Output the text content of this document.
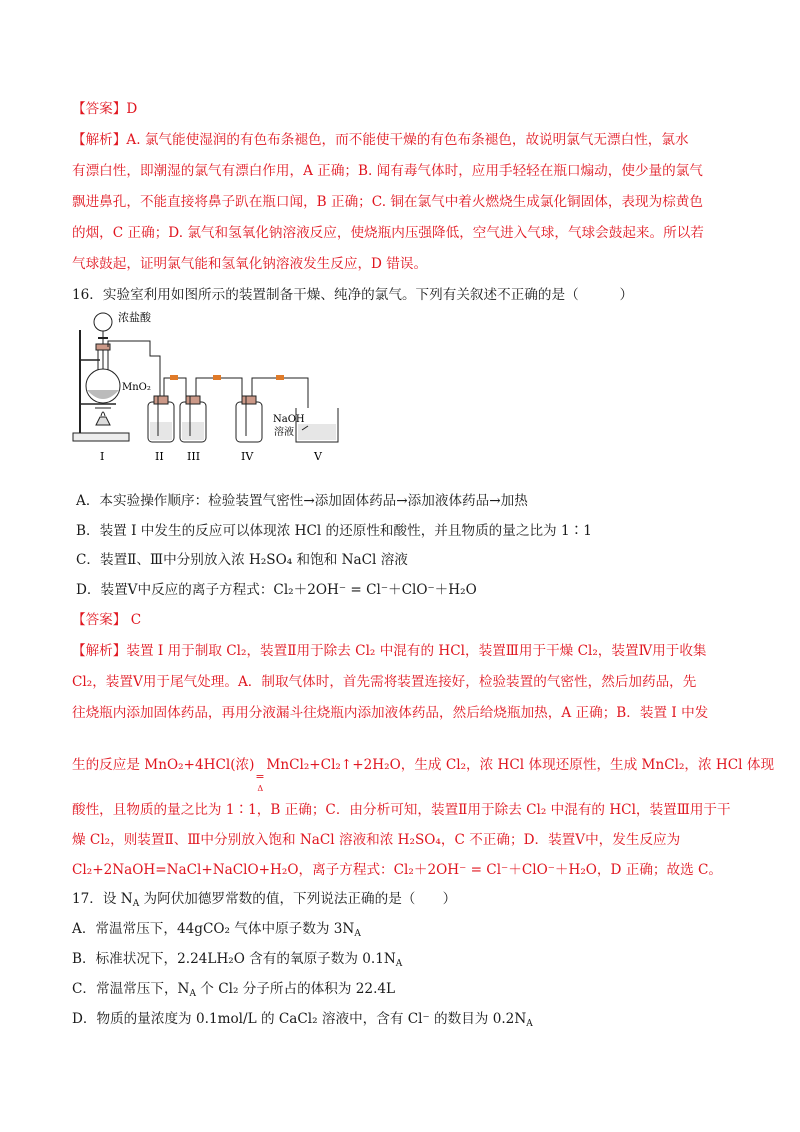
【答案】D
【解析】A. 氯气能使湿润的有色布条褪色，而不能使干燥的有色布条褪色，故说明氯气无漂白性，氯水
有漂白性，即潮湿的氯气有漂白作用，A 正确；B. 闻有毒气体时，应用手轻轻在瓶口煽动，使少量的氯气
飘进鼻孔，不能直接将鼻子趴在瓶口闻，B 正确；C. 铜在氯气中着火燃烧生成氯化铜固体，表现为棕黄色
的烟，C 正确；D. 氯气和氢氧化钠溶液反应，使烧瓶内压强降低，空气进入气球，气球会鼓起来。所以若
气球鼓起，证明氯气能和氢氧化钠溶液发生反应，D 错误。
16．实验室利用如图所示的装置制备干燥、纯净的氯气。下列有关叙述不正确的是（　　　）
浓盐酸
MnO₂
NaOH
溶液
I	II III	IV	V
A．本实验操作顺序：检验装置气密性→添加固体药品→添加液体药品→加热
B．装置 I 中发生的反应可以体现浓 HCl 的还原性和酸性，并且物质的量之比为 1∶1
C．装置Ⅱ、Ⅲ中分别放入浓 H₂SO₄ 和饱和 NaCl 溶液
D．装置Ⅴ中反应的离子方程式：Cl₂＋2OH⁻ = Cl⁻＋ClO⁻＋H₂O
【答案】 C
【解析】装置 I 用于制取 Cl₂，装置Ⅱ用于除去 Cl₂ 中混有的 HCl，装置Ⅲ用于干燥 Cl₂，装置Ⅳ用于收集
Cl₂，装置Ⅴ用于尾气处理。A．制取气体时，首先需将装置连接好，检验装置的气密性，然后加药品，先
往烧瓶内添加固体药品，再用分液漏斗往烧瓶内添加液体药品，然后给烧瓶加热，A 正确；B．装置 I 中发
生的反应是 MnO₂+4HCl(浓)
=
Δ
MnCl₂+Cl₂↑+2H₂O，生成 Cl₂，浓 HCl 体现还原性，生成 MnCl₂，浓 HCl 体现
酸性，且物质的量之比为 1∶1，B 正确；C．由分析可知，装置Ⅱ用于除去 Cl₂ 中混有的 HCl，装置Ⅲ用于干
燥 Cl₂，则装置Ⅱ、Ⅲ中分别放入饱和 NaCl 溶液和浓 H₂SO₄，C 不正确；D．装置Ⅴ中，发生反应为
Cl₂+2NaOH=NaCl+NaClO+H₂O，离子方程式：Cl₂＋2OH⁻ = Cl⁻＋ClO⁻＋H₂O，D 正确；故选 C。
17．设 $N_A$ 为阿伏加德罗常数的值，下列说法正确的是（　　）
A．常温常压下，44gCO₂ 气体中原子数为 $3N_A$
B．标准状况下，2.24LH₂O 含有的氧原子数为 $0.1N_A$
C．常温常压下，$N_A$ 个 Cl₂ 分子所占的体积为 22.4L
D．物质的量浓度为 0.1mol/L 的 CaCl₂ 溶液中，含有 Cl⁻ 的数目为 $0.2N_A$
